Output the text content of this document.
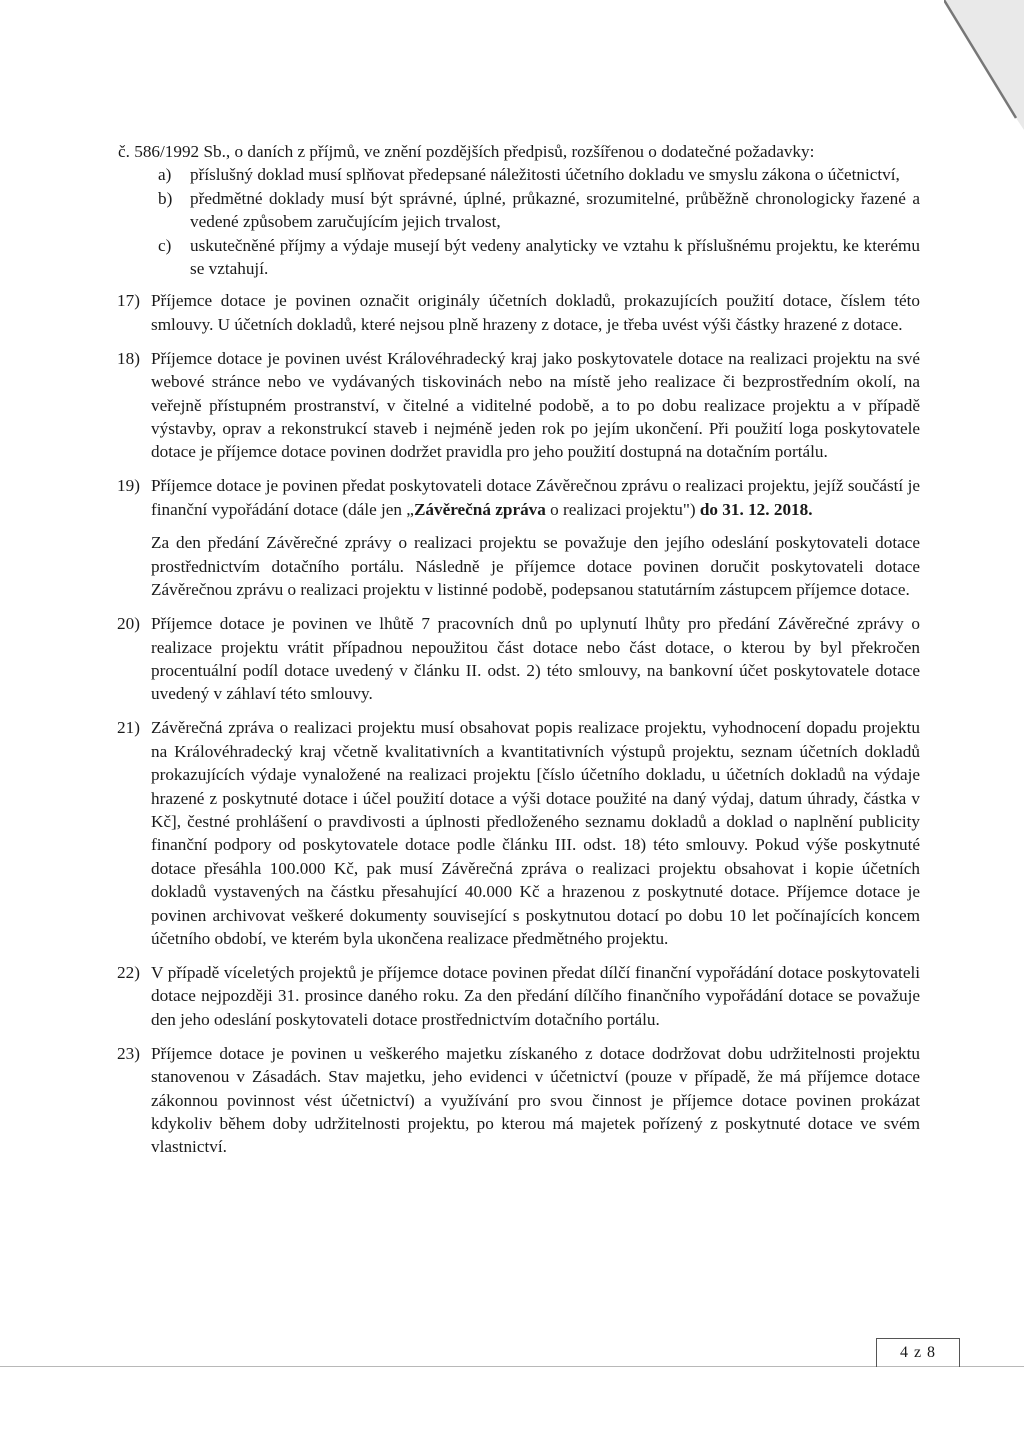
č. 586/1992 Sb., o daních z příjmů, ve znění pozdějších předpisů, rozšířenou o dodatečné požadavky:

a) příslušný doklad musí splňovat předepsané náležitosti účetního dokladu ve smyslu zákona o účetnictví,
b) předmětné doklady musí být správné, úplné, průkazné, srozumitelné, průběžně chronologicky řazené a vedené způsobem zaručujícím jejich trvalost,
c) uskutečněné příjmy a výdaje musejí být vedeny analyticky ve vztahu k příslušnému projektu, ke kterému se vztahují.
17) Příjemce dotace je povinen označit originály účetních dokladů, prokazujících použití dotace, číslem této smlouvy. U účetních dokladů, které nejsou plně hrazeny z dotace, je třeba uvést výši částky hrazené z dotace.

18) Příjemce dotace je povinen uvést Královéhradecký kraj jako poskytovatele dotace na realizaci projektu na své webové stránce nebo ve vydávaných tiskovinách nebo na místě jeho realizace či bezprostředním okolí, na veřejně přístupném prostranství, v čitelné a viditelné podobě, a to po dobu realizace projektu a v případě výstavby, oprav a rekonstrukcí staveb i nejméně jeden rok po jejím ukončení. Při použití loga poskytovatele dotace je příjemce dotace povinen dodržet pravidla pro jeho použití dostupná na dotačním portálu.

19) Příjemce dotace je povinen předat poskytovateli dotace Závěrečnou zprávu o realizaci projektu, jejíž součástí je finanční vypořádání dotace (dále jen „Závěrečná zpráva o realizaci projektu") do 31. 12. 2018.

Za den předání Závěrečné zprávy o realizaci projektu se považuje den jejího odeslání poskytovateli dotace prostřednictvím dotačního portálu. Následně je příjemce dotace povinen doručit poskytovateli dotace Závěrečnou zprávu o realizaci projektu v listinné podobě, podepsanou statutárním zástupcem příjemce dotace.

20) Příjemce dotace je povinen ve lhůtě 7 pracovních dnů po uplynutí lhůty pro předání Závěrečné zprávy o realizace projektu vrátit případnou nepoužitou část dotace nebo část dotace, o kterou by byl překročen procentuální podíl dotace uvedený v článku II. odst. 2) této smlouvy, na bankovní účet poskytovatele dotace uvedený v záhlaví této smlouvy.

21) Závěrečná zpráva o realizaci projektu musí obsahovat popis realizace projektu, vyhodnocení dopadu projektu na Královéhradecký kraj včetně kvalitativních a kvantitativních výstupů projektu, seznam účetních dokladů prokazujících výdaje vynaložené na realizaci projektu [číslo účetního dokladu, u účetních dokladů na výdaje hrazené z poskytnuté dotace i účel použití dotace a výši dotace použité na daný výdaj, datum úhrady, částka v Kč], čestné prohlášení o pravdivosti a úplnosti předloženého seznamu dokladů a doklad o naplnění publicity finanční podpory od poskytovatele dotace podle článku III. odst. 18) této smlouvy. Pokud výše poskytnuté dotace přesáhla 100.000 Kč, pak musí Závěrečná zpráva o realizaci projektu obsahovat i kopie účetních dokladů vystavených na částku přesahující 40.000 Kč a hrazenou z poskytnuté dotace. Příjemce dotace je povinen archivovat veškeré dokumenty související s poskytnutou dotací po dobu 10 let počínajících koncem účetního období, ve kterém byla ukončena realizace předmětného projektu.

22) V případě víceletých projektů je příjemce dotace povinen předat dílčí finanční vypořádání dotace poskytovateli dotace nejpozději 31. prosince daného roku. Za den předání dílčího finančního vypořádání dotace se považuje den jeho odeslání poskytovateli dotace prostřednictvím dotačního portálu.

23) Příjemce dotace je povinen u veškerého majetku získaného z dotace dodržovat dobu udržitelnosti projektu stanovenou v Zásadách. Stav majetku, jeho evidenci v účetnictví (pouze v případě, že má příjemce dotace zákonnou povinnost vést účetnictví) a využívání pro svou činnost je příjemce dotace povinen prokázat kdykoliv během doby udržitelnosti projektu, po kterou má majetek pořízený z poskytnuté dotace ve svém vlastnictví.

4 z 8
